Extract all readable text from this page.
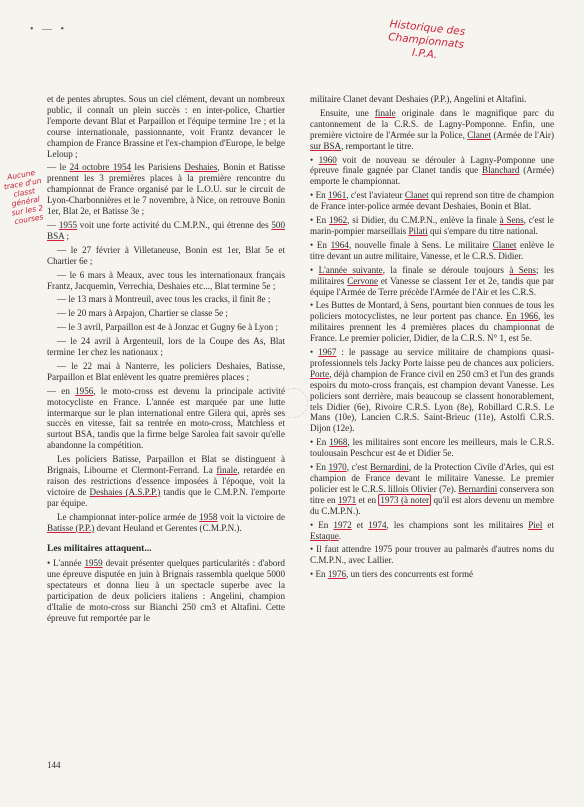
• — •	Historique des Championnats I.P.A.
Aucune trace d'un classt général sur les 2 courses

et de pentes abruptes. Sous un ciel clément, devant un nombreux public, il connaît un plein succès : en inter-police, Chartier l'emporte devant Blat et Parpaillon et l'équipe termine 1re ; et la course internationale, passionnante, voit Frantz devancer le champion de France Brassine et l'ex-champion d'Europe, le belge Leloup ;

— le 24 octobre 1954 les Parisiens Deshaies, Bonin et Batisse prennent les 3 premières places à la première rencontre du championnat de France organisé par le L.O.U. sur le circuit de Lyon-Charbonnières et le 7 novembre, à Nice, on retrouve Bonin 1er, Blat 2e, et Batisse 3e ;

— 1955 voit une forte activité du C.M.P.N., qui étrenne des 500 BSA ;

— le 27 février à Villetaneuse, Bonin est 1er, Blat 5e et Chartier 6e ;

— le 6 mars à Meaux, avec tous les internationaux français Frantz, Jacquemin, Verrechia, Deshaies etc..., Blat termine 5e ;

— le 13 mars à Montreuil, avec tous les cracks, il finit 8e ;

— le 20 mars à Arpajon, Chartier se classe 5e ;

— le 3 avril, Parpaillon est 4e à Jonzac et Gugny 6e à Lyon ;

— le 24 avril à Argenteuil, lors de la Coupe des As, Blat termine 1er chez les nationaux ;

— le 22 mai à Nanterre, les policiers Deshaies, Batisse, Parpaillon et Blat enlèvent les quatre premières places ;

— en 1956, le moto-cross est devenu la principale activité motocycliste en France. L'année est marquée par une lutte intermarque sur le plan international entre Gilera qui, après ses succès en vitesse, fait sa rentrée en moto-cross, Matchless et surtout BSA, tandis que la firme belge Sarolea fait savoir qu'elle abandonne la compétition.

Les policiers Batisse, Parpaillon et Blat se distinguent à Brignais, Libourne et Clermont-Ferrand. La finale, retardée en raison des restrictions d'essence imposées à l'époque, voit la victoire de Deshaies (A.S.P.P.) tandis que le C.M.P.N. l'emporte par équipe.

Le championnat inter-police armée de 1958 voit la victoire de Batisse (P.P.) devant Heuland et Gerentes (C.M.P.N.).

Les militaires attaquent...

• L'année 1959 devait présenter quelques particularités : d'abord une épreuve disputée en juin à Brignais rassembla quelque 5000 spectateurs et donna lieu à un spectacle superbe avec la participation de deux policiers italiens : Angelini, champion d'Italie de moto-cross sur Bianchi 250 cm3 et Altafini. Cette épreuve fut remportée par le

militaire Clanet devant Deshaies (P.P.), Angelini et Altafini.

Ensuite, une finale originale dans le magnifique parc du cantonnement de la C.R.S. de Lagny-Pomponne. Enfin, une première victoire de l'Armée sur la Police, Clanet (Armée de l'Air) sur BSA, remportant le titre.

• 1960 voit de nouveau se dérouler à Lagny-Pomponne une épreuve finale gagnée par Clanet tandis que Blanchard (Armée) emporte le championnat.

• En 1961, c'est l'aviateur Clanet qui reprend son titre de champion de France inter-police armée devant Deshaies, Bonin et Blat.

• En 1962, si Didier, du C.M.P.N., enlève la finale à Sens, c'est le marin-pompier marseillais Pilati qui s'empare du titre national.

• En 1964, nouvelle finale à Sens. Le militaire Clanet enlève le titre devant un autre militaire, Vanesse, et le C.R.S. Didier.

• L'année suivante, la finale se déroule toujours à Sens; les militaires Cervone et Vanesse se classent 1er et 2e, tandis que par équipe l'Armée de Terre précède l'Armée de l'Air et les C.R.S.

• Les Buttes de Montard, à Sens, pourtant bien connues de tous les policiers motocyclistes, ne leur portent pas chance. En 1966, les militaires prennent les 4 premières places du championnat de France. Le premier policier, Didier, de la C.R.S. N° 1, est 5e.

• 1967 : le passage au service militaire de champions quasi-professionnels tels Jacky Porte laisse peu de chances aux policiers. Porte, déjà champion de France civil en 250 cm3 et l'un des grands espoirs du moto-cross français, est champion devant Vanesse. Les policiers sont derrière, mais beaucoup se classent honorablement, tels Didier (6e), Rivoire C.R.S. Lyon (8e), Robillard C.R.S. Le Mans (10e), Lancien C.R.S. Saint-Brieuc (11e), Astolfi C.R.S. Dijon (12e).

• En 1968, les militaires sont encore les meilleurs, mais le C.R.S. toulousain Peschcur est 4e et Didier 5e.

• En 1970, c'est Bernardini, de la Protection Civile d'Arles, qui est champion de France devant le militaire Vanesse. Le premier policier est le C.R.S. lillois Olivier (7e). Bernardini conservera son titre en 1971 et en 1973 (à noter qu'il est alors devenu un membre du C.M.P.N.).

• En 1972 et 1974, les champions sont les militaires Piel et Estaque.

• Il faut attendre 1975 pour trouver au palmarès d'autres noms du C.M.P.N., avec Lallier.

• En 1976, un tiers des concurrents est formé

144
